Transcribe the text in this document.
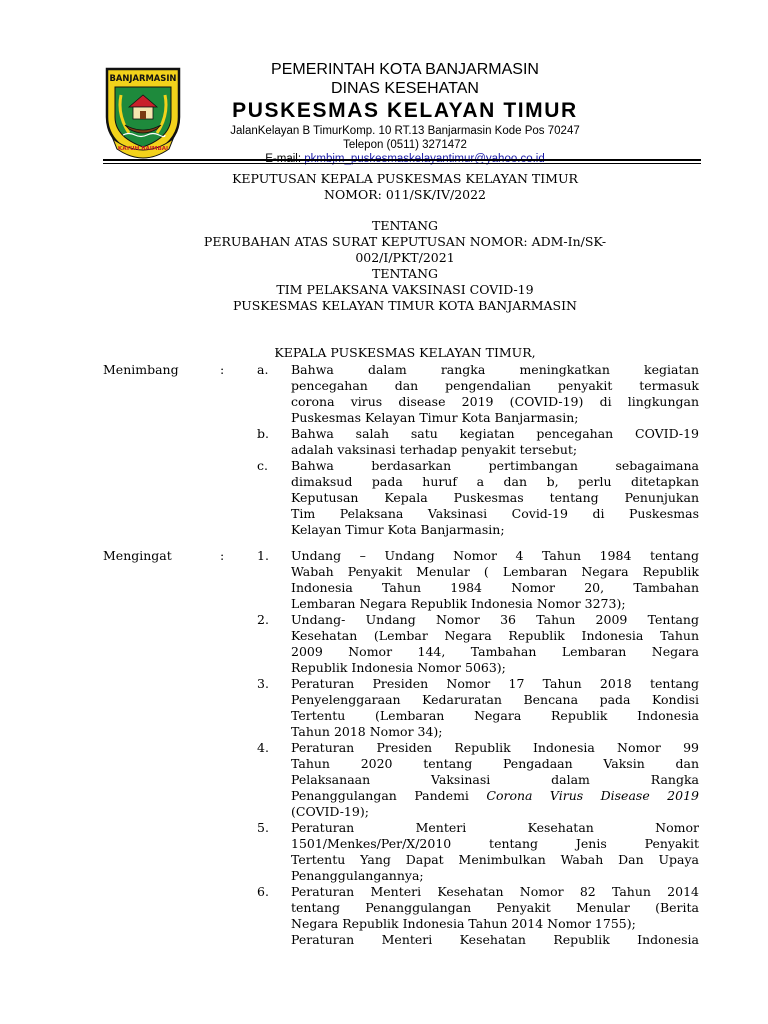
BANJARMASIN
KAYUH BAIMBAI
PEMERINTAH KOTA BANJARMASIN
DINAS KESEHATAN
PUSKESMAS KELAYAN TIMUR
JalanKelayan B TimurKomp. 10 RT.13 Banjarmasin Kode Pos 70247
Telepon (0511) 3271472
E-mail: pkmbjm_puskesmaskelayantimur@yahoo.co.id
KEPUTUSAN KEPALA PUSKESMAS KELAYAN TIMUR
NOMOR: 011/SK/IV/2022
TENTANG
PERUBAHAN ATAS SURAT KEPUTUSAN NOMOR: ADM-In/SK-
002/I/PKT/2021
TENTANG
TIM PELAKSANA VAKSINASI COVID-19
PUSKESMAS KELAYAN TIMUR KOTA BANJARMASIN
KEPALA PUSKESMAS KELAYAN TIMUR,
Menimbang	:	a. Bahwa dalam rangka meningkatkan kegiatan
pencegahan dan pengendalian penyakit termasuk
corona virus disease 2019 (COVID-19) di lingkungan
Puskesmas Kelayan Timur Kota Banjarmasin;
b. Bahwa salah satu kegiatan pencegahan COVID-19
adalah vaksinasi terhadap penyakit tersebut;
c. Bahwa berdasarkan pertimbangan sebagaimana
dimaksud pada huruf a dan b, perlu ditetapkan
Keputusan Kepala Puskesmas tentang Penunjukan
Tim Pelaksana Vaksinasi Covid-19 di Puskesmas
Kelayan Timur Kota Banjarmasin;
Mengingat	:	1. Undang – Undang Nomor 4 Tahun 1984 tentang
Wabah Penyakit Menular ( Lembaran Negara Republik
Indonesia Tahun 1984 Nomor 20, Tambahan
Lembaran Negara Republik Indonesia Nomor 3273);
2. Undang- Undang Nomor 36 Tahun 2009 Tentang
Kesehatan (Lembar Negara Republik Indonesia Tahun
2009 Nomor 144, Tambahan Lembaran Negara
Republik Indonesia Nomor 5063);
3. Peraturan Presiden Nomor 17 Tahun 2018 tentang
Penyelenggaraan Kedaruratan Bencana pada Kondisi
Tertentu (Lembaran Negara Republik Indonesia
Tahun 2018 Nomor 34);
4. Peraturan Presiden Republik Indonesia Nomor 99
Tahun 2020 tentang Pengadaan Vaksin dan
Pelaksanaan Vaksinasi dalam Rangka
Penanggulangan Pandemi Corona Virus Disease 2019
(COVID-19);
5. Peraturan Menteri Kesehatan Nomor
1501/Menkes/Per/X/2010 tentang Jenis Penyakit
Tertentu Yang Dapat Menimbulkan Wabah Dan Upaya
Penanggulangannya;
6. Peraturan Menteri Kesehatan Nomor 82 Tahun 2014
tentang Penanggulangan Penyakit Menular (Berita
Negara Republik Indonesia Tahun 2014 Nomor 1755);
Peraturan Menteri Kesehatan Republik Indonesia
